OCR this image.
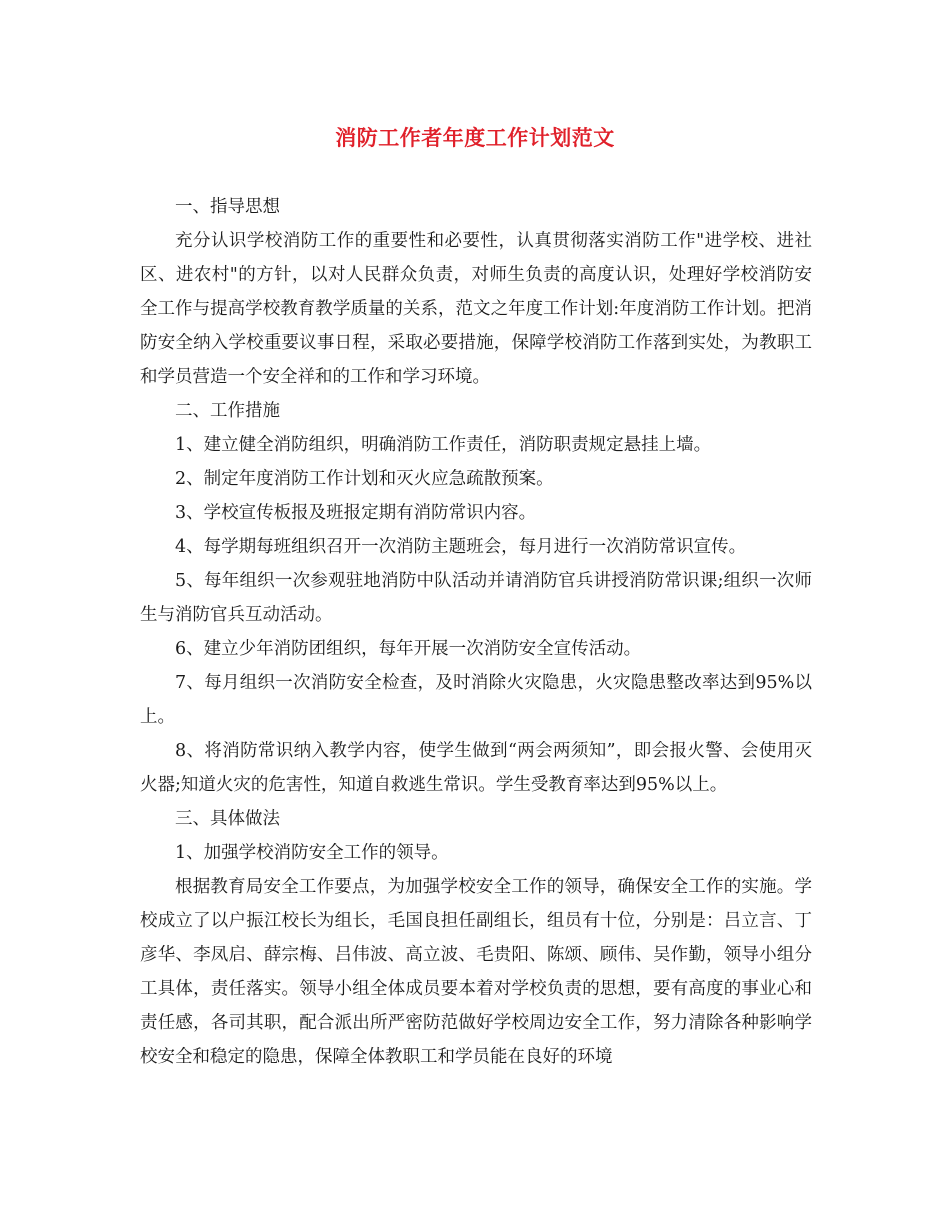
消防工作者年度工作计划范文

一、指导思想

充分认识学校消防工作的重要性和必要性，认真贯彻落实消防工作"进学校、进社区、进农村"的方针，以对人民群众负责，对师生负责的高度认识，处理好学校消防安全工作与提高学校教育教学质量的关系，范文之年度工作计划:年度消防工作计划。把消防安全纳入学校重要议事日程，采取必要措施，保障学校消防工作落到实处，为教职工和学员营造一个安全祥和的工作和学习环境。

二、工作措施

1、建立健全消防组织，明确消防工作责任，消防职责规定悬挂上墙。

2、制定年度消防工作计划和灭火应急疏散预案。

3、学校宣传板报及班报定期有消防常识内容。

4、每学期每班组织召开一次消防主题班会，每月进行一次消防常识宣传。

5、每年组织一次参观驻地消防中队活动并请消防官兵讲授消防常识课;组织一次师生与消防官兵互动活动。

6、建立少年消防团组织，每年开展一次消防安全宣传活动。

7、每月组织一次消防安全检查，及时消除火灾隐患，火灾隐患整改率达到95%以上。

8、将消防常识纳入教学内容，使学生做到“两会两须知”，即会报火警、会使用灭火器;知道火灾的危害性，知道自救逃生常识。学生受教育率达到95%以上。

三、具体做法

1、加强学校消防安全工作的领导。

根据教育局安全工作要点，为加强学校安全工作的领导，确保安全工作的实施。学校成立了以户振江校长为组长，毛国良担任副组长，组员有十位，分别是：吕立言、丁彦华、李凤启、薛宗梅、吕伟波、高立波、毛贵阳、陈颂、顾伟、吴作勤，领导小组分工具体，责任落实。领导小组全体成员要本着对学校负责的思想，要有高度的事业心和责任感，各司其职，配合派出所严密防范做好学校周边安全工作，努力清除各种影响学校安全和稳定的隐患，保障全体教职工和学员能在良好的环境
